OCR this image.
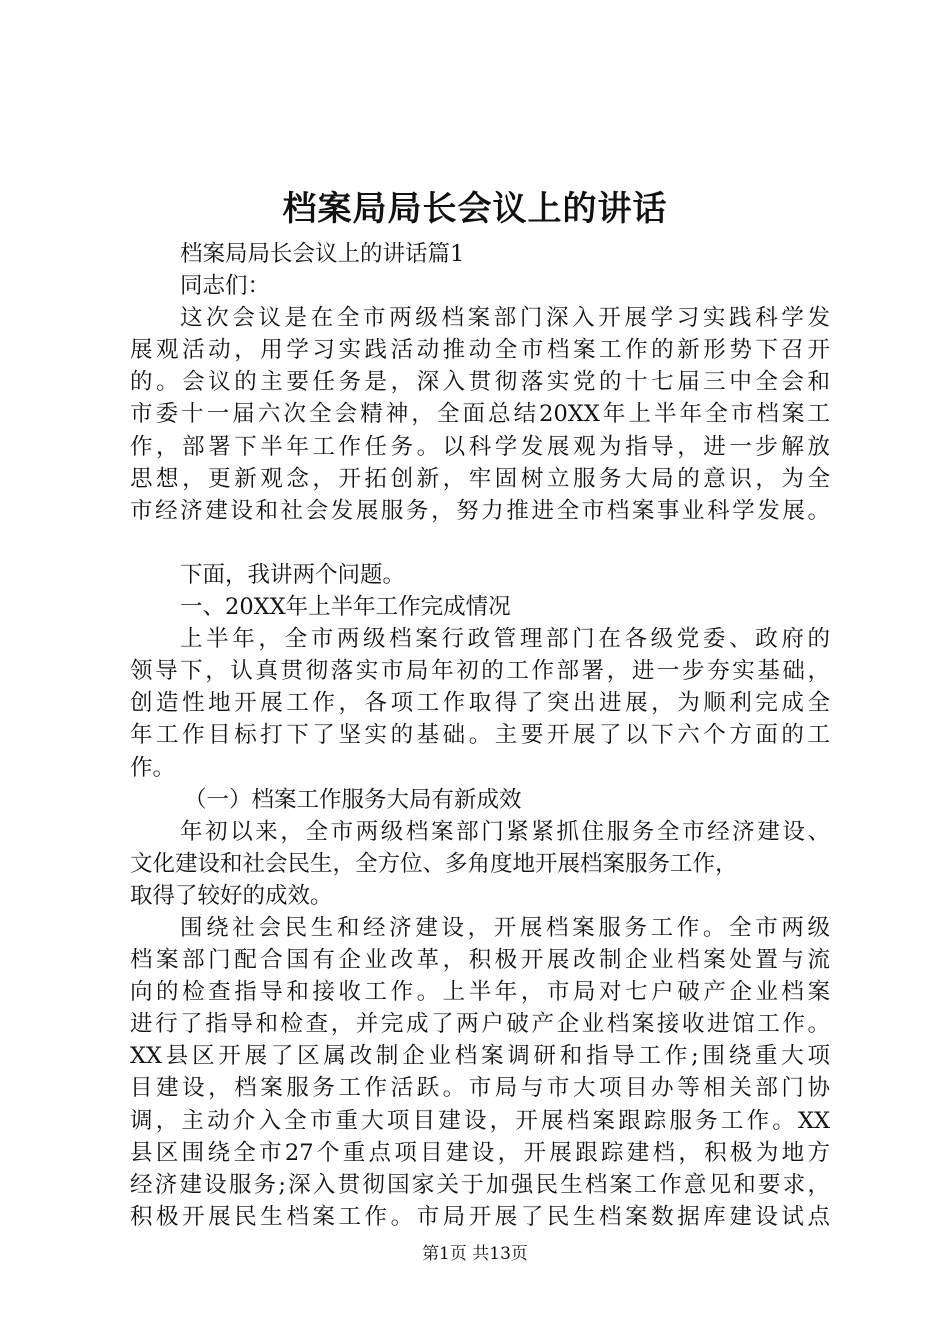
档案局局长会议上的讲话
档案局局长会议上的讲话篇1
同志们：
这次会议是在全市两级档案部门深入开展学习实践科学发
展观活动，用学习实践活动推动全市档案工作的新形势下召开
的。会议的主要任务是，深入贯彻落实党的十七届三中全会和
市委十一届六次全会精神，全面总结20XX年上半年全市档案工
作，部署下半年工作任务。以科学发展观为指导，进一步解放
思想，更新观念，开拓创新，牢固树立服务大局的意识，为全
市经济建设和社会发展服务，努力推进全市档案事业科学发展。
下面，我讲两个问题。
一、20XX年上半年工作完成情况
上半年，全市两级档案行政管理部门在各级党委、政府的
领导下，认真贯彻落实市局年初的工作部署，进一步夯实基础，
创造性地开展工作，各项工作取得了突出进展，为顺利完成全
年工作目标打下了坚实的基础。主要开展了以下六个方面的工
作。
（一）档案工作服务大局有新成效
年初以来，全市两级档案部门紧紧抓住服务全市经济建设、
文化建设和社会民生，全方位、多角度地开展档案服务工作，
取得了较好的成效。
围绕社会民生和经济建设，开展档案服务工作。全市两级
档案部门配合国有企业改革，积极开展改制企业档案处置与流
向的检查指导和接收工作。上半年，市局对七户破产企业档案
进行了指导和检查，并完成了两户破产企业档案接收进馆工作。
XX县区开展了区属改制企业档案调研和指导工作;围绕重大项
目建设，档案服务工作活跃。市局与市大项目办等相关部门协
调，主动介入全市重大项目建设，开展档案跟踪服务工作。XX
县区围绕全市27个重点项目建设，开展跟踪建档，积极为地方
经济建设服务;深入贯彻国家关于加强民生档案工作意见和要求，
积极开展民生档案工作。市局开展了民生档案数据库建设试点
第1页 共13页
